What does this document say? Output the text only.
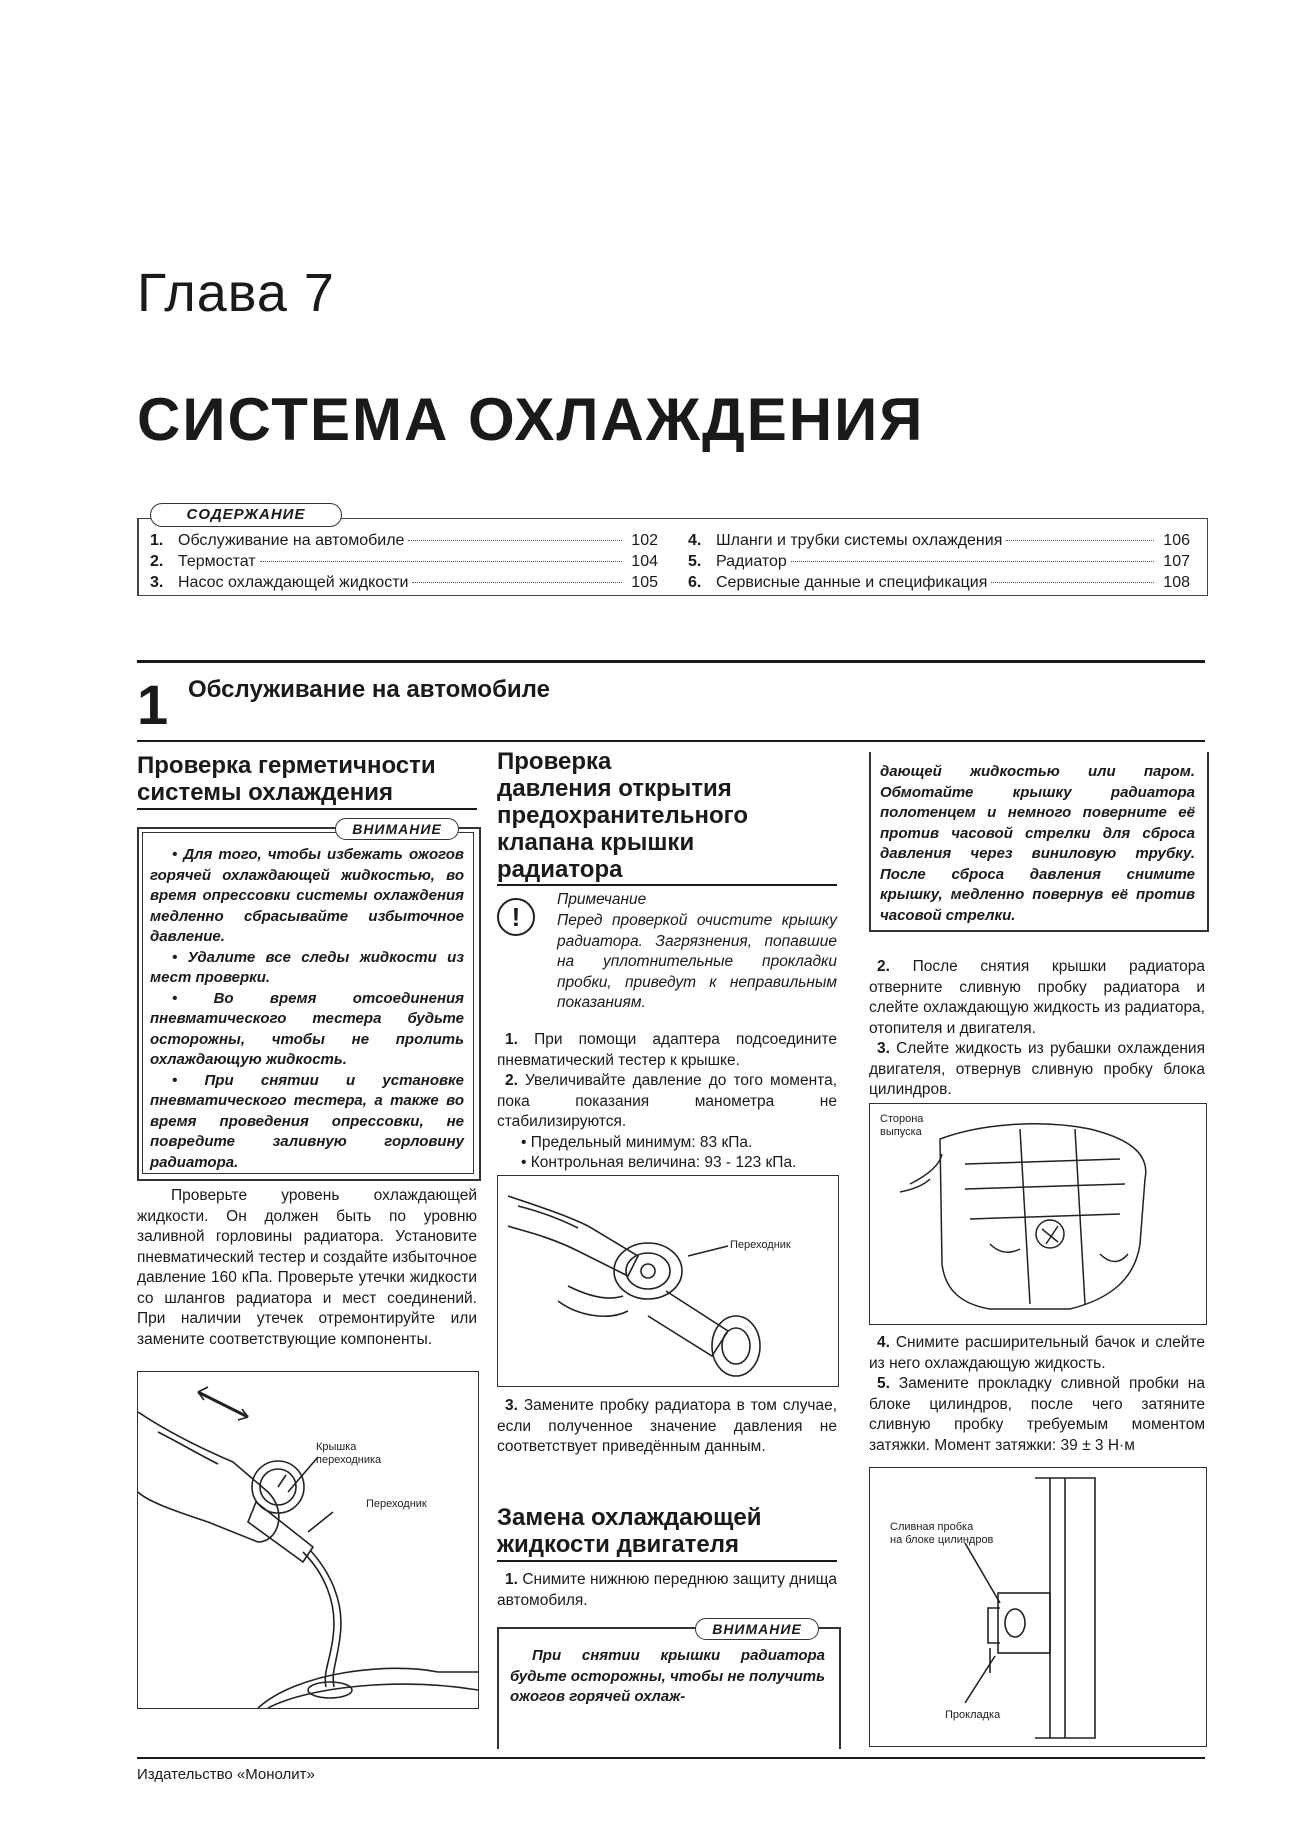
Глава 7
СИСТЕМА ОХЛАЖДЕНИЯ
СОДЕРЖАНИЕ
1. Обслуживание на автомобиле	102
2. Термостат	104
3. Насос охлаждающей жидкости	105
4. Шланги и трубки системы охлаждения	106
5. Радиатор	107
6. Сервисные данные и спецификация	108
1 Обслуживание на автомобиле
Проверка герметичности
системы охлаждения
ВНИМАНИЕ

• Для того, чтобы избежать ожогов горячей охлаждающей жидкостью, во время опрессовки системы охлаждения медленно сбрасывайте избыточное давление.

• Удалите все следы жидкости из мест проверки.

• Во время отсоединения пневматического тестера будьте осторожны, чтобы не пролить охлаждающую жидкость.

• При снятии и установке пневматического тестера, а также во время проведения опрессовки, не повредите заливную горловину радиатора.

Проверьте уровень охлаждающей жидкости. Он должен быть по уровню заливной горловины радиатора. Установите пневматический тестер и создайте избыточное давление 160 кПа. Проверьте утечки жидкости со шлангов радиатора и мест соединений. При наличии утечек отремонтируйте или замените соответствующие компоненты.

Крышка
переходника
Переходник
Проверка
давления открытия
предохранительного
клапана крышки
радиатора
!
Примечание

Перед проверкой очистите крышку радиатора. Загрязнения, попавшие на уплотнительные прокладки пробки, приведут к неправильным показаниям.

1. При помощи адаптера подсоедините пневматический тестер к крышке.

2. Увеличивайте давление до того момента, пока показания манометра не стабилизируются.

• Предельный минимум: 83 кПа.

• Контрольная величина: 93 - 123 кПа.

Переходник

3. Замените пробку радиатора в том случае, если полученное значение давления не соответствует приведённым данным.

Замена охлаждающей
жидкости двигателя

1. Снимите нижнюю переднюю защиту днища автомобиля.

ВНИМАНИЕ

При снятии крышки радиатора будьте осторожны, чтобы не получить ожогов горячей охлаж-

дающей жидкостью или паром. Обмотайте крышку радиатора полотенцем и немного поверните её против часовой стрелки для сброса давления через виниловую трубку. После сброса давления снимите крышку, медленно повернув её против часовой стрелки.

2. После снятия крышки радиатора отверните сливную пробку радиатора и слейте охлаждающую жидкость из радиатора, отопителя и двигателя.

3. Слейте жидкость из рубашки охлаждения двигателя, отвернув сливную пробку блока цилиндров.

Сторона
выпуска

4. Снимите расширительный бачок и слейте из него охлаждающую жидкость.

5. Замените прокладку сливной пробки на блоке цилиндров, после чего затяните сливную пробку требуемым моментом затяжки. Момент затяжки: 39 ± 3 Н·м

Сливная пробка
на блоке цилиндров
Прокладка
Издательство «Монолит»
